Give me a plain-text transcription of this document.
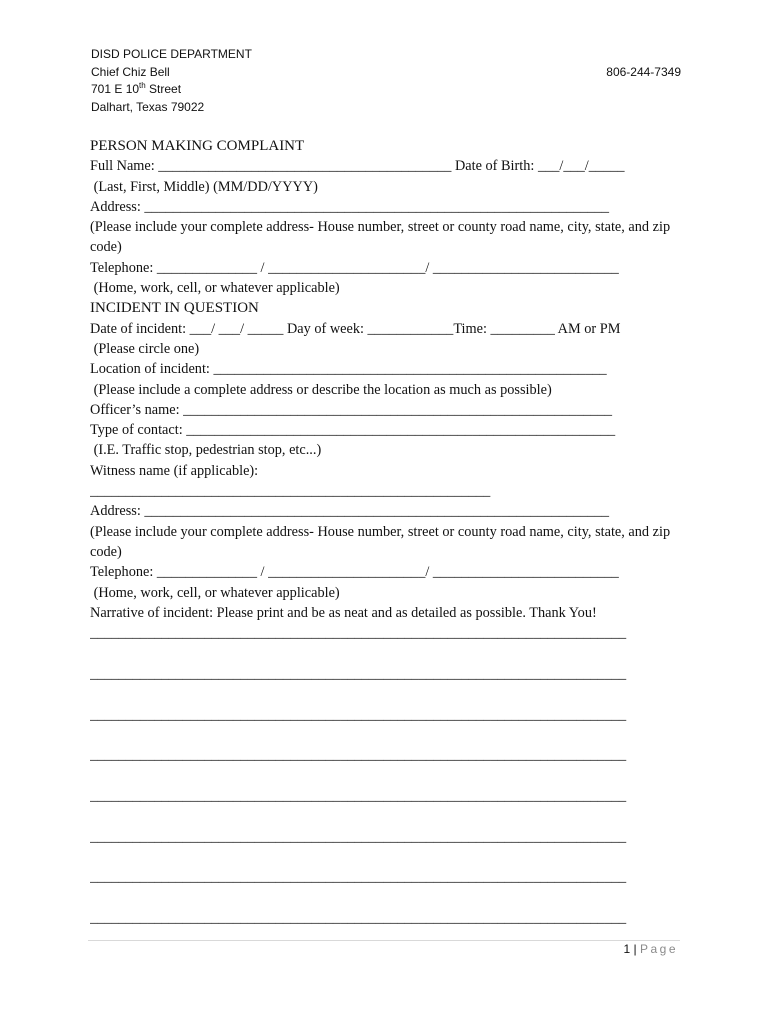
DISD POLICE DEPARTMENT
Chief Chiz Bell
701 E 10th Street
Dalhart, Texas 79022
806-244-7349
PERSON MAKING COMPLAINT
Full Name: _________________________________________ Date of Birth: ___/___/_____
(Last, First, Middle) (MM/DD/YYYY)
Address: _________________________________________________________________
(Please include your complete address- House number, street or county road name, city, state, and zip code)
Telephone: ______________ / ______________________/ __________________________
(Home, work, cell, or whatever applicable)
INCIDENT IN QUESTION
Date of incident: ___/ ___/ _____ Day of week: ____________Time: _________ AM or PM
(Please circle one)
Location of incident: _______________________________________________________
(Please include a complete address or describe the location as much as possible)
Officer’s name: ____________________________________________________________
Type of contact: ____________________________________________________________
(I.E. Traffic stop, pedestrian stop, etc...)
Witness name (if applicable):
________________________________________________________
Address: _________________________________________________________________
(Please include your complete address- House number, street or county road name, city, state, and zip code)
Telephone: ______________ / ______________________/ __________________________
(Home, work, cell, or whatever applicable)
Narrative of incident: Please print and be as neat and as detailed as possible. Thank You!
___________________________________________________________________________
___________________________________________________________________________
___________________________________________________________________________
___________________________________________________________________________
___________________________________________________________________________
___________________________________________________________________________
___________________________________________________________________________
___________________________________________________________________________
1 | Page
